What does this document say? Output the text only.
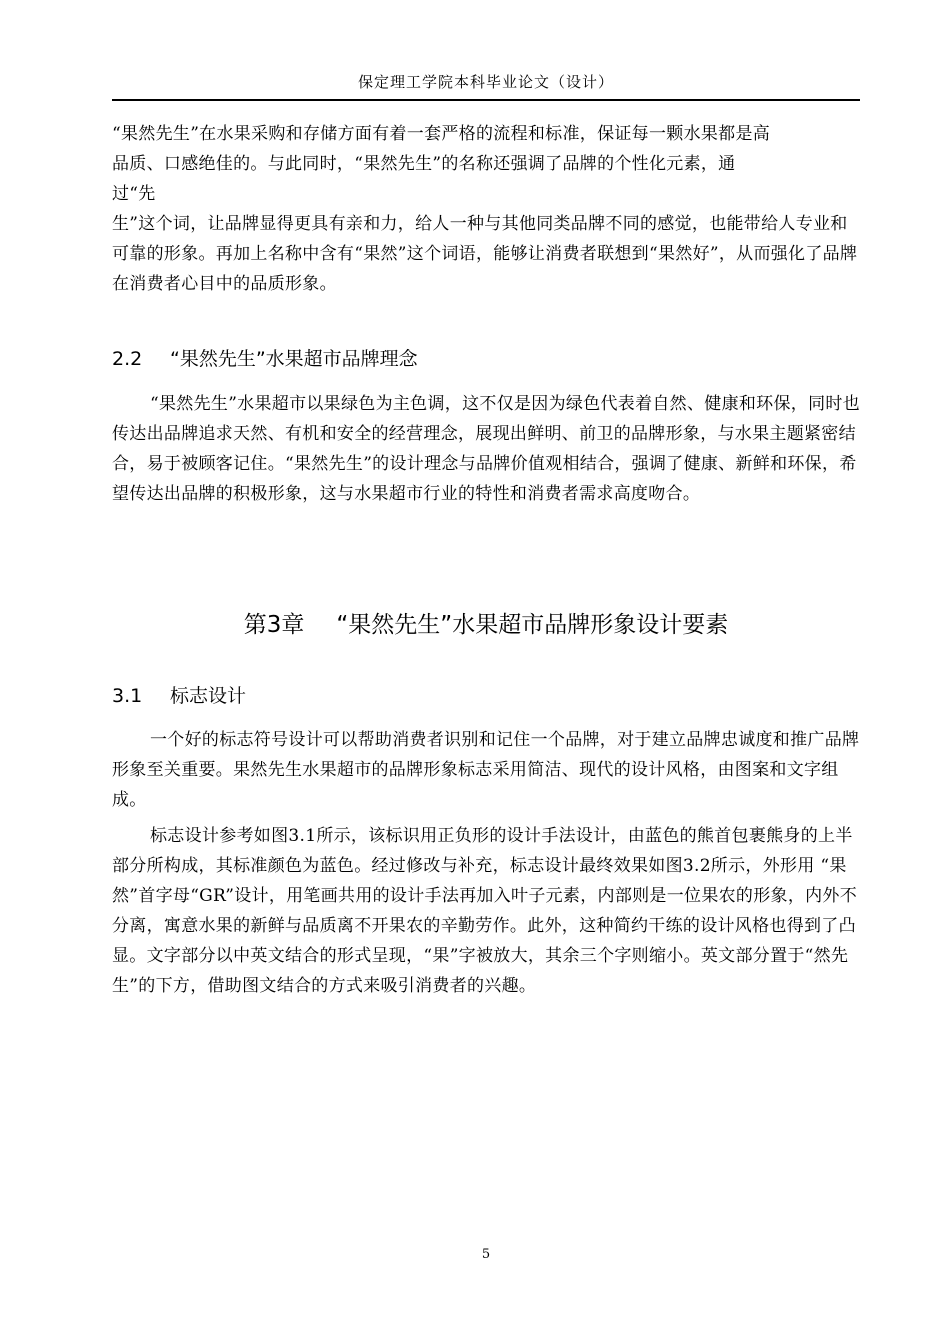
保定理工学院本科毕业论文（设计）
“果然先生”在水果采购和存储方面有着一套严格的流程和标准，保证每一颗水果都是高
品质、口感绝佳的。与此同时，“果然先生”的名称还强调了品牌的个性化元素，通
过“先

生”这个词，让品牌显得更具有亲和力，给人一种与其他同类品牌不同的感觉，也能带给人专业和可靠的形象。再加上名称中含有“果然”这个词语，能够让消费者联想到“果然好”，从而强化了品牌在消费者心目中的品质形象。

2.2 “果然先生”水果超市品牌理念

“果然先生”水果超市以果绿色为主色调，这不仅是因为绿色代表着自然、健康和环保，同时也传达出品牌追求天然、有机和安全的经营理念，展现出鲜明、前卫的品牌形象，与水果主题紧密结合，易于被顾客记住。“果然先生”的设计理念与品牌价值观相结合，强调了健康、新鲜和环保，希望传达出品牌的积极形象，这与水果超市行业的特性和消费者需求高度吻合。

第3章 “果然先生”水果超市品牌形象设计要素
3.1 标志设计

一个好的标志符号设计可以帮助消费者识别和记住一个品牌，对于建立品牌忠诚度和推广品牌形象至关重要。果然先生水果超市的品牌形象标志采用简洁、现代的设计风格，由图案和文字组成。

标志设计参考如图3.1所示，该标识用正负形的设计手法设计，由蓝色的熊首包裹熊身的上半部分所构成，其标准颜色为蓝色。经过修改与补充，标志设计最终效果如图3.2所示，外形用 “果然”首字母“GR”设计，用笔画共用的设计手法再加入叶子元素，内部则是一位果农的形象，内外不分离，寓意水果的新鲜与品质离不开果农的辛勤劳作。此外，这种简约干练的设计风格也得到了凸显。文字部分以中英文结合的形式呈现，“果”字被放大，其余三个字则缩小。英文部分置于“然先生”的下方，借助图文结合的方式来吸引消费者的兴趣。

5
